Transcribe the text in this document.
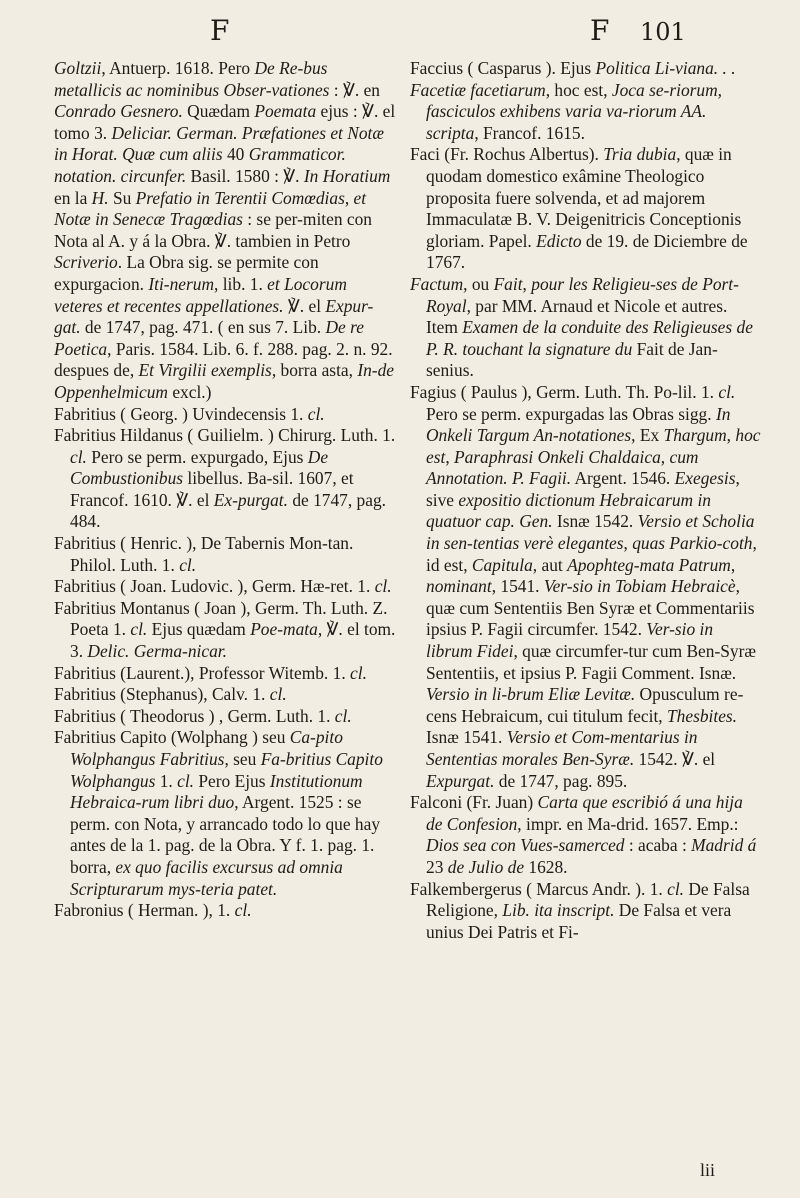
F	F 101

Goltzii, Antuerp. 1618. Pero De Re-bus metallicis ac nominibus Obser-vationes : ℣. en Conrado Gesnero. Quædam Poemata ejus : ℣. el tomo 3. Deliciar. German. Præfationes et Notæ in Horat. Quæ cum aliis 40 Grammaticor. notation. circunfer. Basil. 1580 : ℣. In Horatium en la H. Su Prefatio in Terentii Comœdias, et Notæ in Senecæ Tragœdias : se per-miten con Nota al A. y á la Obra. ℣. tambien in Petro Scriverio. La Obra sig. se permite con expurgacion. Iti-nerum, lib. 1. et Locorum veteres et recentes appellationes. ℣. el Expur-gat. de 1747, pag. 471. ( en sus 7. Lib. De re Poetica, Paris. 1584. Lib. 6. f. 288. pag. 2. n. 92. despues de, Et Virgilii exemplis, borra asta, In-de Oppenhelmicum excl.)

Fabritius ( Georg. ) Uvindecensis 1. cl.

Fabritius Hildanus ( Guilielm. ) Chirurg. Luth. 1. cl. Pero se perm. expurgado, Ejus De Combustionibus libellus. Ba-sil. 1607, et Francof. 1610. ℣. el Ex-purgat. de 1747, pag. 484.

Fabritius ( Henric. ), De Tabernis Mon-tan. Philol. Luth. 1. cl.

Fabritius ( Joan. Ludovic. ), Germ. Hæ-ret. 1. cl.

Fabritius Montanus ( Joan ), Germ. Th. Luth. Z. Poeta 1. cl. Ejus quædam Poe-mata, ℣. el tom. 3. Delic. Germa-nicar.

Fabritius (Laurent.), Professor Witemb. 1. cl.

Fabritius (Stephanus), Calv. 1. cl.

Fabritius ( Theodorus ) , Germ. Luth. 1. cl.

Fabritius Capito (Wolphang ) seu Ca-pito Wolphangus Fabritius, seu Fa-britius Capito Wolphangus 1. cl. Pero Ejus Institutionum Hebraica-rum libri duo, Argent. 1525 : se perm. con Nota, y arrancado todo lo que hay antes de la 1. pag. de la Obra. Y f. 1. pag. 1. borra, ex quo facilis excursus ad omnia Scripturarum mys-teria patet.

Fabronius ( Herman. ), 1. cl.

Faccius ( Casparus ). Ejus Politica Li-viana. . .

Facetiæ facetiarum, hoc est, Joca se-riorum, fasciculos exhibens varia va-riorum AA. scripta, Francof. 1615.

Faci (Fr. Rochus Albertus). Tria dubia, quæ in quodam domestico exâmine Theologico proposita fuere solvenda, et ad majorem Immaculatæ B. V. Deigenitricis Conceptionis gloriam. Papel. Edicto de 19. de Diciembre de 1767.

Factum, ou Fait, pour les Religieu-ses de Port-Royal, par MM. Arnaud et Nicole et autres. Item Examen de la conduite des Religieuses de P. R. touchant la signature du Fait de Jan-senius.

Fagius ( Paulus ), Germ. Luth. Th. Po-lil. 1. cl. Pero se perm. expurgadas las Obras sigg. In Onkeli Targum An-notationes, Ex Thargum, hoc est, Paraphrasi Onkeli Chaldaica, cum Annotation. P. Fagii. Argent. 1546. Exegesis, sive expositio dictionum Hebraicarum in quatuor cap. Gen. Isnæ 1542. Versio et Scholia in sen-tentias verè elegantes, quas Parkio-coth, id est, Capitula, aut Apophteg-mata Patrum, nominant, 1541. Ver-sio in Tobiam Hebraicè, quæ cum Sententiis Ben Syræ et Commentariis ipsius P. Fagii circumfer. 1542. Ver-sio in librum Fidei, quæ circumfer-tur cum Ben-Syræ Sententiis, et ipsius P. Fagii Comment. Isnæ. Versio in li-brum Eliæ Levitæ. Opusculum re-cens Hebraicum, cui titulum fecit, Thesbites. Isnæ 1541. Versio et Com-mentarius in Sententias morales Ben-Syræ. 1542. ℣. el Expurgat. de 1747, pag. 895.

Falconi (Fr. Juan) Carta que escribió á una hija de Confesion, impr. en Ma-drid. 1657. Emp.: Dios sea con Vues-samerced : acaba : Madrid á 23 de Julio de 1628.

Falkembergerus ( Marcus Andr. ). 1. cl. De Falsa Religione, Lib. ita inscript. De Falsa et vera unius Dei Patris et Fi-

lii
